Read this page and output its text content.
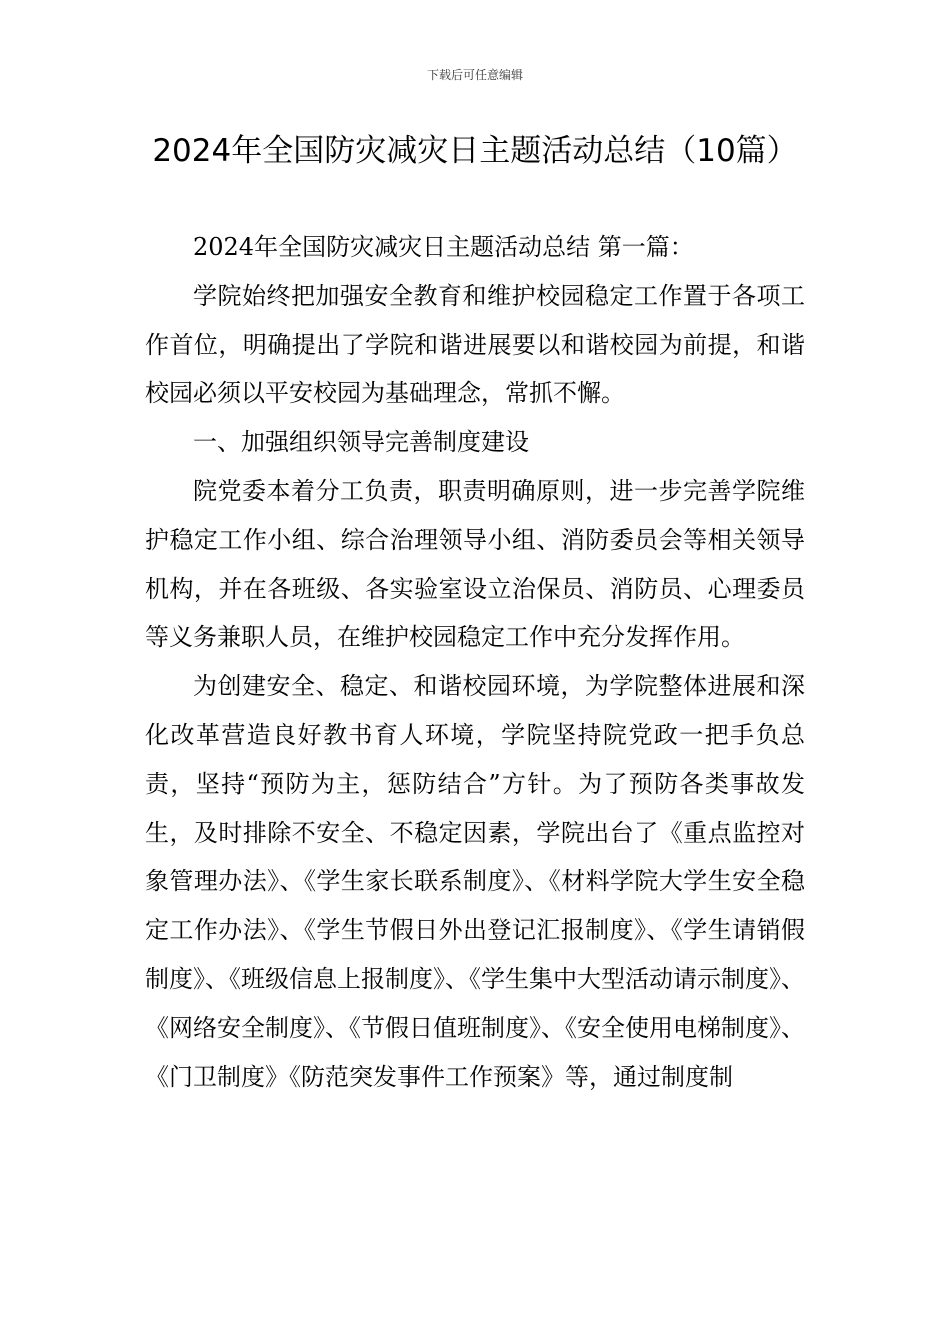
下载后可任意编辑
2024年全国防灾减灾日主题活动总结（10篇）

2024年全国防灾减灾日主题活动总结 第一篇：

学院始终把加强安全教育和维护校园稳定工作置于各项工作首位，明确提出了学院和谐进展要以和谐校园为前提，和谐校园必须以平安校园为基础理念，常抓不懈。

一、加强组织领导完善制度建设

院党委本着分工负责，职责明确原则，进一步完善学院维护稳定工作小组、综合治理领导小组、消防委员会等相关领导机构，并在各班级、各实验室设立治保员、消防员、心理委员等义务兼职人员，在维护校园稳定工作中充分发挥作用。

为创建安全、稳定、和谐校园环境，为学院整体进展和深化改革营造良好教书育人环境，学院坚持院党政一把手负总责，坚持“预防为主，惩防结合”方针。为了预防各类事故发生，及时排除不安全、不稳定因素，学院出台了《重点监控对象管理办法》、《学生家长联系制度》、《材料学院大学生安全稳定工作办法》、《学生节假日外出登记汇报制度》、《学生请销假制度》、《班级信息上报制度》、《学生集中大型活动请示制度》、《网络安全制度》、《节假日值班制度》、《安全使用电梯制度》、《门卫制度》《防范突发事件工作预案》等，通过制度制
